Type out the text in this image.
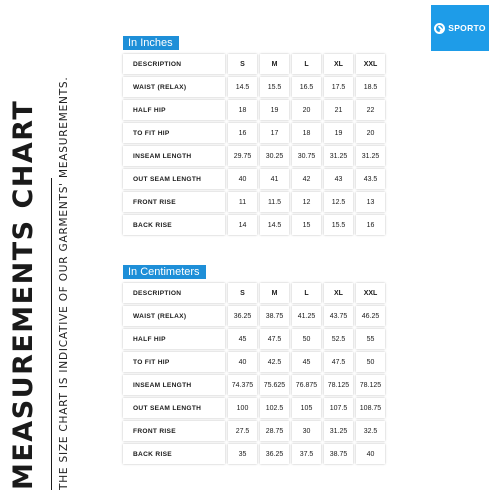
MEASUREMENTS CHART THE SIZE CHART IS INDICATIVE OF OUR GARMENTS' MEASUREMENTS.
SPORTO
In Inches
DESCRIPTION	S	M	L	XL	XXL
WAIST (RELAX)	14.5	15.5	16.5	17.5	18.5
HALF HIP	18	19	20	21	22
TO FIT HIP	16	17	18	19	20
INSEAM LENGTH	29.75	30.25	30.75	31.25	31.25
OUT SEAM LENGTH	40	41	42	43	43.5
FRONT RISE	11	11.5	12	12.5	13
BACK RISE	14	14.5	15	15.5	16
In Centimeters
DESCRIPTION	S	M	L	XL	XXL
WAIST (RELAX)	36.25	38.75	41.25	43.75	46.25
HALF HIP	45	47.5	50	52.5	55
TO FIT HIP	40	42.5	45	47.5	50
INSEAM LENGTH	74.375	75.625	76.875	78.125	78.125
OUT SEAM LENGTH	100	102.5	105	107.5	108.75
FRONT RISE	27.5	28.75	30	31.25	32.5
BACK RISE	35	36.25	37.5	38.75	40
